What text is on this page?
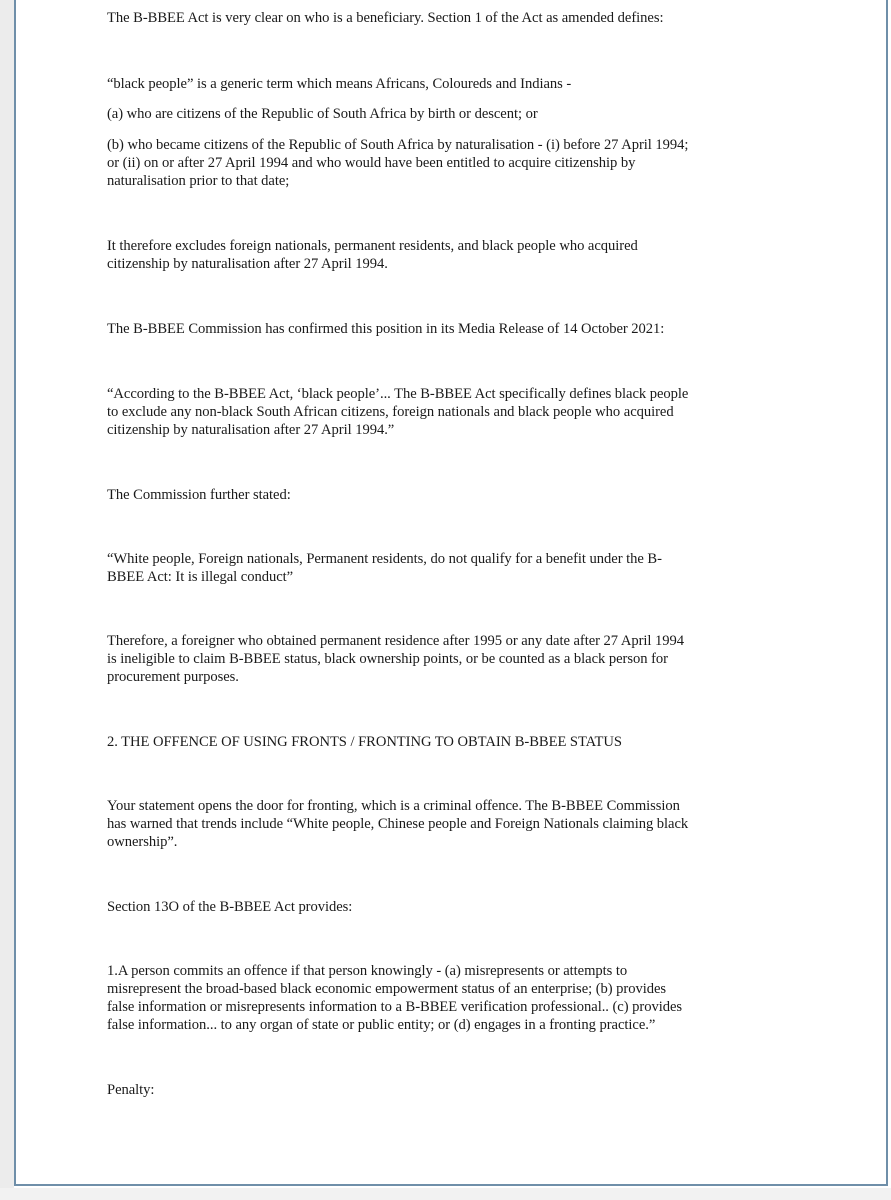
The B-BBEE Act is very clear on who is a beneficiary. Section 1 of the Act as amended defines:
“black people” is a generic term which means Africans, Coloureds and Indians -
(a) who are citizens of the Republic of South Africa by birth or descent; or
(b) who became citizens of the Republic of South Africa by naturalisation - (i) before 27 April 1994;
or (ii) on or after 27 April 1994 and who would have been entitled to acquire citizenship by
naturalisation prior to that date;
It therefore excludes foreign nationals, permanent residents, and black people who acquired
citizenship by naturalisation after 27 April 1994.
The B-BBEE Commission has confirmed this position in its Media Release of 14 October 2021:
“According to the B-BBEE Act, ‘black people’... The B-BBEE Act specifically defines black people
to exclude any non-black South African citizens, foreign nationals and black people who acquired
citizenship by naturalisation after 27 April 1994.”
The Commission further stated:
“White people, Foreign nationals, Permanent residents, do not qualify for a benefit under the B-
BBEE Act: It is illegal conduct”
Therefore, a foreigner who obtained permanent residence after 1995 or any date after 27 April 1994
is ineligible to claim B-BBEE status, black ownership points, or be counted as a black person for
procurement purposes.
2. THE OFFENCE OF USING FRONTS / FRONTING TO OBTAIN B-BBEE STATUS
Your statement opens the door for fronting, which is a criminal offence. The B-BBEE Commission
has warned that trends include “White people, Chinese people and Foreign Nationals claiming black
ownership”.
Section 13O of the B-BBEE Act provides:
1.A person commits an offence if that person knowingly - (a) misrepresents or attempts to
misrepresent the broad-based black economic empowerment status of an enterprise; (b) provides
false information or misrepresents information to a B-BBEE verification professional.. (c) provides
false information... to any organ of state or public entity; or (d) engages in a fronting practice.”
Penalty:
